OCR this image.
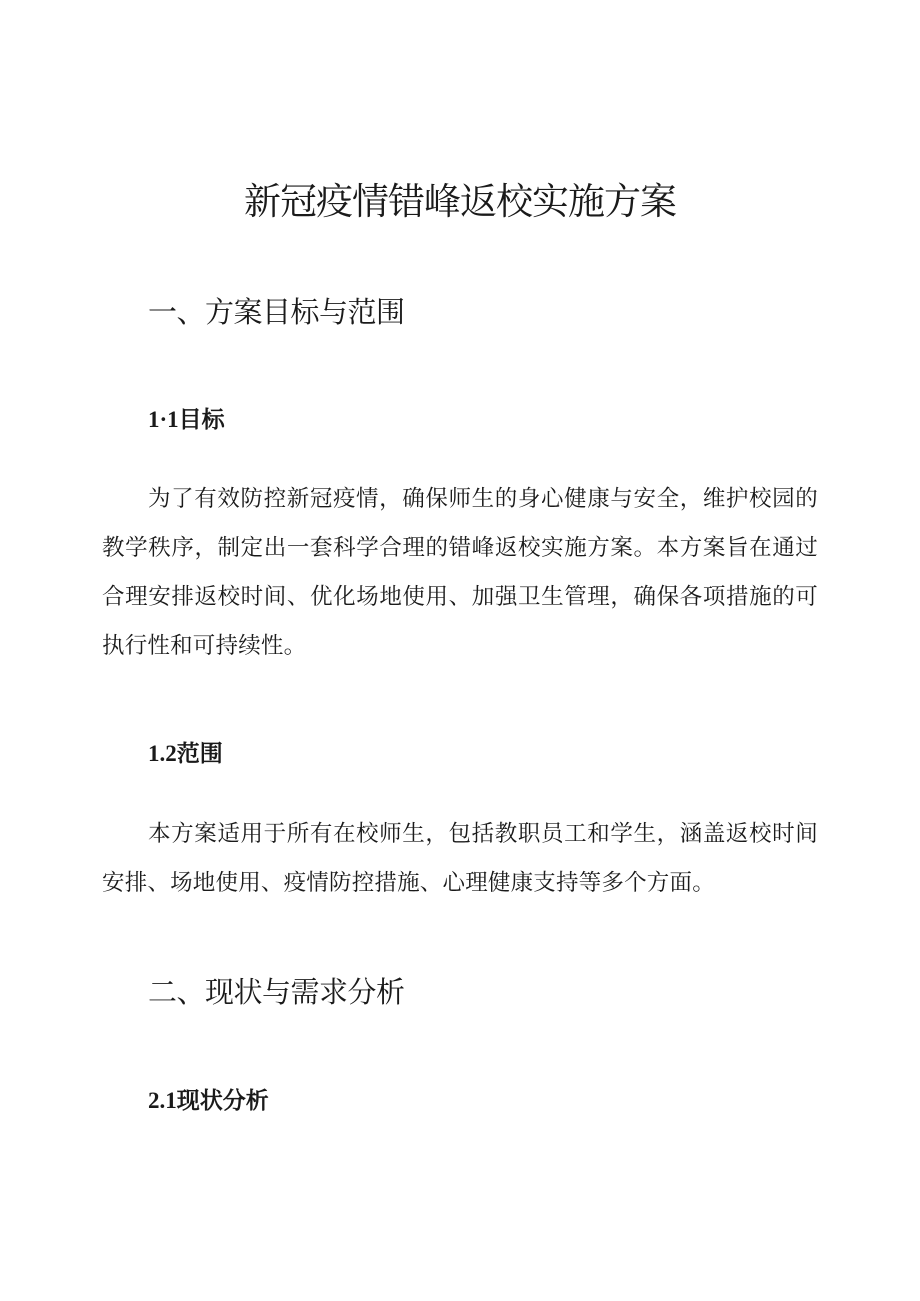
新冠疫情错峰返校实施方案
一、方案目标与范围
1·1目标

为了有效防控新冠疫情，确保师生的身心健康与安全，维护校园的教学秩序，制定出一套科学合理的错峰返校实施方案。本方案旨在通过合理安排返校时间、优化场地使用、加强卫生管理，确保各项措施的可执行性和可持续性。

1.2范围

本方案适用于所有在校师生，包括教职员工和学生，涵盖返校时间安排、场地使用、疫情防控措施、心理健康支持等多个方面。

二、现状与需求分析
2.1现状分析
